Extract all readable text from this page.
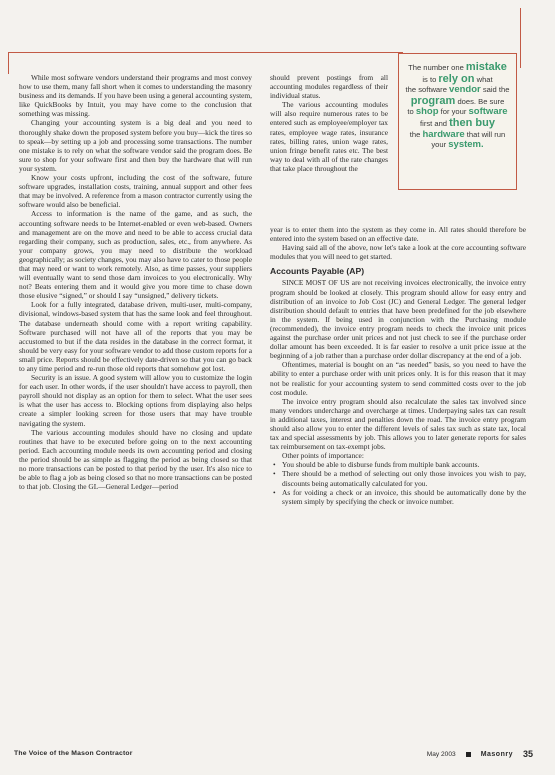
The number one mistake
is to rely on what
the software vendor said the
program does. Be sure
to shop for your software
first and then buy
the hardware that will run
your system.

While most software vendors understand their programs and most convey how to use them, many fall short when it comes to understanding the masonry business and its demands. If you have been using a general accounting system, like QuickBooks by Intuit, you may have come to the conclusion that something was missing.

Changing your accounting system is a big deal and you need to thoroughly shake down the proposed system before you buy—kick the tires so to speak—by setting up a job and processing some transactions. The number one mistake is to rely on what the software vendor said the program does. Be sure to shop for your software first and then buy the hardware that will run your system.

Know your costs upfront, including the cost of the software, future software upgrades, installation costs, training, annual support and other fees that may be involved. A reference from a mason contractor currently using the software would also be beneficial.

Access to information is the name of the game, and as such, the accounting software needs to be Internet-enabled or even web-based. Owners and management are on the move and need to be able to access crucial data regarding their company, such as production, sales, etc., from anywhere. As your company grows, you may need to distribute the workload geographically; as society changes, you may also have to cater to those people that may need or want to work remotely. Also, as time passes, your suppliers will eventually want to send those darn invoices to you electronically. Why not? Beats entering them and it would give you more time to chase down those elusive “signed,” or should I say “unsigned,” delivery tickets.

Look for a fully integrated, database driven, multi-user, multi-company, divisional, windows-based system that has the same look and feel throughout. The database underneath should come with a report writing capability. Software purchased will not have all of the reports that you may be accustomed to but if the data resides in the database in the correct format, it should be very easy for your software vendor to add those custom reports for a small price. Reports should be effectively date-driven so that you can go back to any time period and re-run those old reports that somehow got lost.

Security is an issue. A good system will allow you to customize the login for each user. In other words, if the user shouldn't have access to payroll, then payroll should not display as an option for them to select. What the user sees is what the user has access to. Blocking options from displaying also helps create a simpler looking screen for those users that may have trouble navigating the system.

The various accounting modules should have no closing and update routines that have to be executed before going on to the next accounting period. Each accounting module needs its own accounting period and closing the period should be as simple as flagging the period as being closed so that no more transactions can be posted to that period by the user. It's also nice to be able to flag a job as being closed so that no more transactions can be posted to that job. Closing the GL—General Ledger—period

should prevent postings from all accounting modules regardless of their individual status.

The various accounting modules will also require numerous rates to be entered such as employee/employer tax rates, employee wage rates, insurance rates, billing rates, union wage rates, union fringe benefit rates etc. The best way to deal with all of the rate changes that take place throughout the

year is to enter them into the system as they come in. All rates should therefore be entered into the system based on an effective date.

Having said all of the above, now let's take a look at the core accounting software modules that you will need to get started.

Accounts Payable (AP)

SINCE MOST OF US are not receiving invoices electronically, the invoice entry program should be looked at closely. This program should allow for easy entry and distribution of an invoice to Job Cost (JC) and General Ledger. The general ledger distribution should default to entries that have been predefined for the job elsewhere in the system. If being used in conjunction with the Purchasing module (recommended), the invoice entry program needs to check the invoice unit prices against the purchase order unit prices and not just check to see if the purchase order dollar amount has been exceeded. It is far easier to resolve a unit price issue at the beginning of a job rather than a purchase order dollar discrepancy at the end of a job.

Oftentimes, material is bought on an “as needed” basis, so you need to have the ability to enter a purchase order with unit prices only. It is for this reason that it may not be realistic for your accounting system to send committed costs over to the job cost module.

The invoice entry program should also recalculate the sales tax involved since many vendors undercharge and overcharge at times. Underpaying sales tax can result in additional taxes, interest and penalties down the road. The invoice entry program should also allow you to enter the different levels of sales tax such as state tax, local tax and special assessments by job. This allows you to later generate reports for sales tax reimbursement on tax-exempt jobs.

Other points of importance:

• You should be able to disburse funds from multiple bank accounts.
• There should be a method of selecting out only those invoices you wish to pay, discounts being automatically calculated for you.
• As for voiding a check or an invoice, this should be automatically done by the system simply by specifying the check or invoice number.
The Voice of the Mason Contractor	May 2003	Masonry 35
